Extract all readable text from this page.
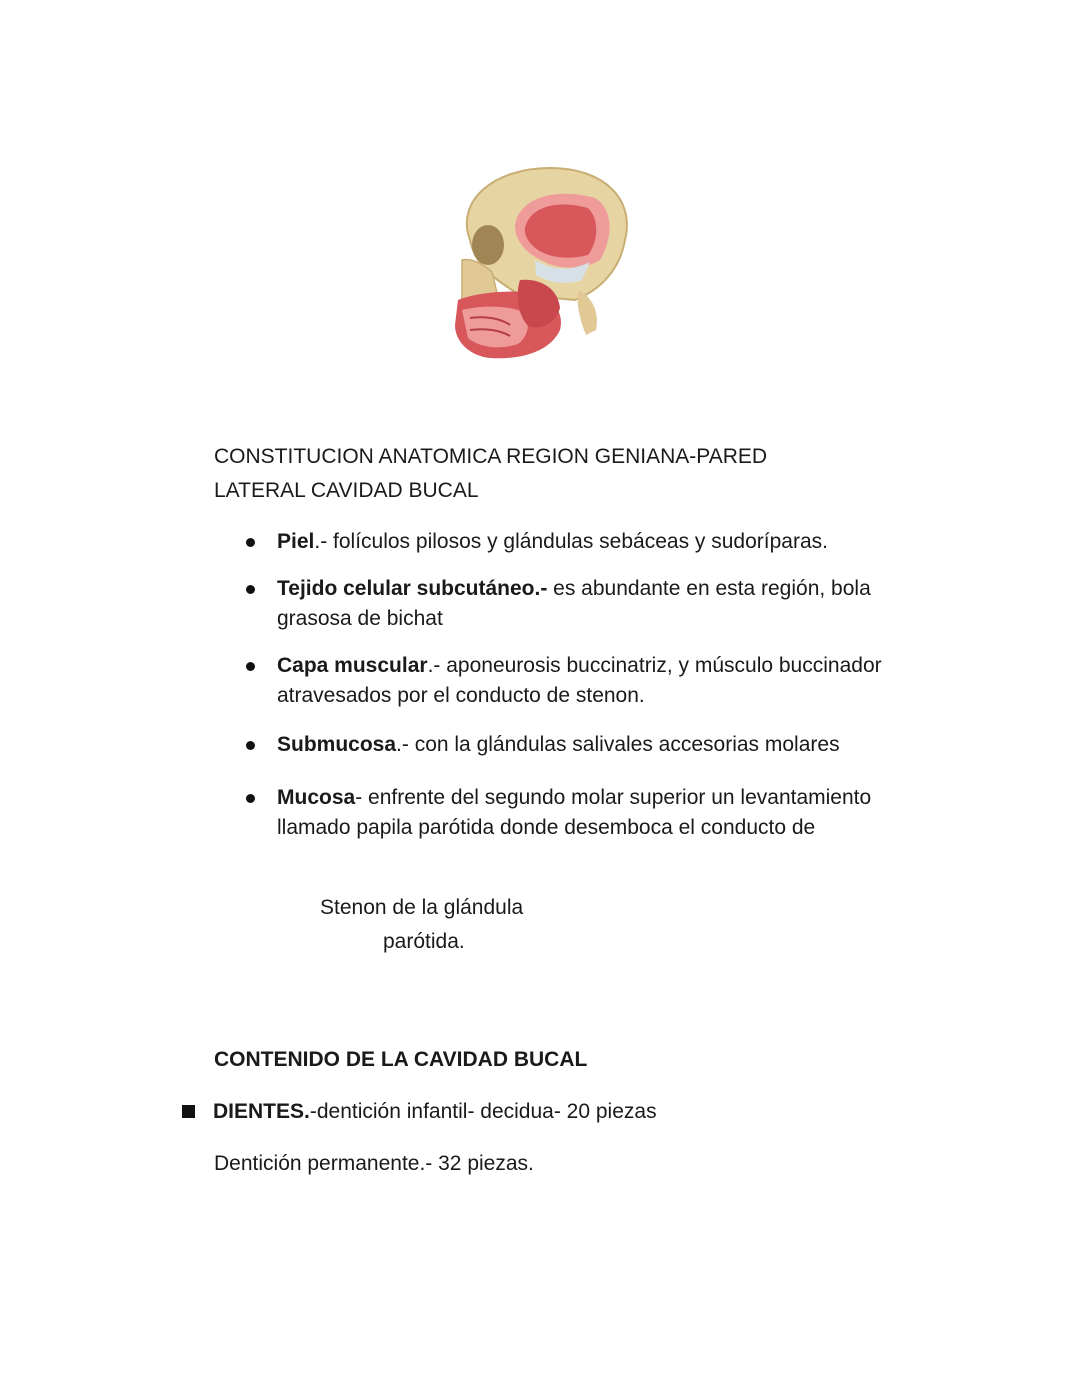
CONSTITUCION ANATOMICA REGION GENIANA-PARED
LATERAL CAVIDAD BUCAL
Piel.- folículos pilosos y glándulas sebáceas y sudoríparas.
Tejido celular subcutáneo.- es abundante en esta región, bola grasosa de bichat
Capa muscular.- aponeurosis buccinatriz, y músculo buccinador atravesados por el conducto de stenon.
Submucosa.- con la glándulas salivales accesorias molares
Mucosa- enfrente del segundo molar superior un levantamiento llamado papila parótida donde desemboca el conducto de
Stenon de la glándula
parótida.
CONTENIDO DE LA CAVIDAD BUCAL
DIENTES.-dentición infantil- decidua- 20 piezas
Dentición permanente.- 32 piezas.
